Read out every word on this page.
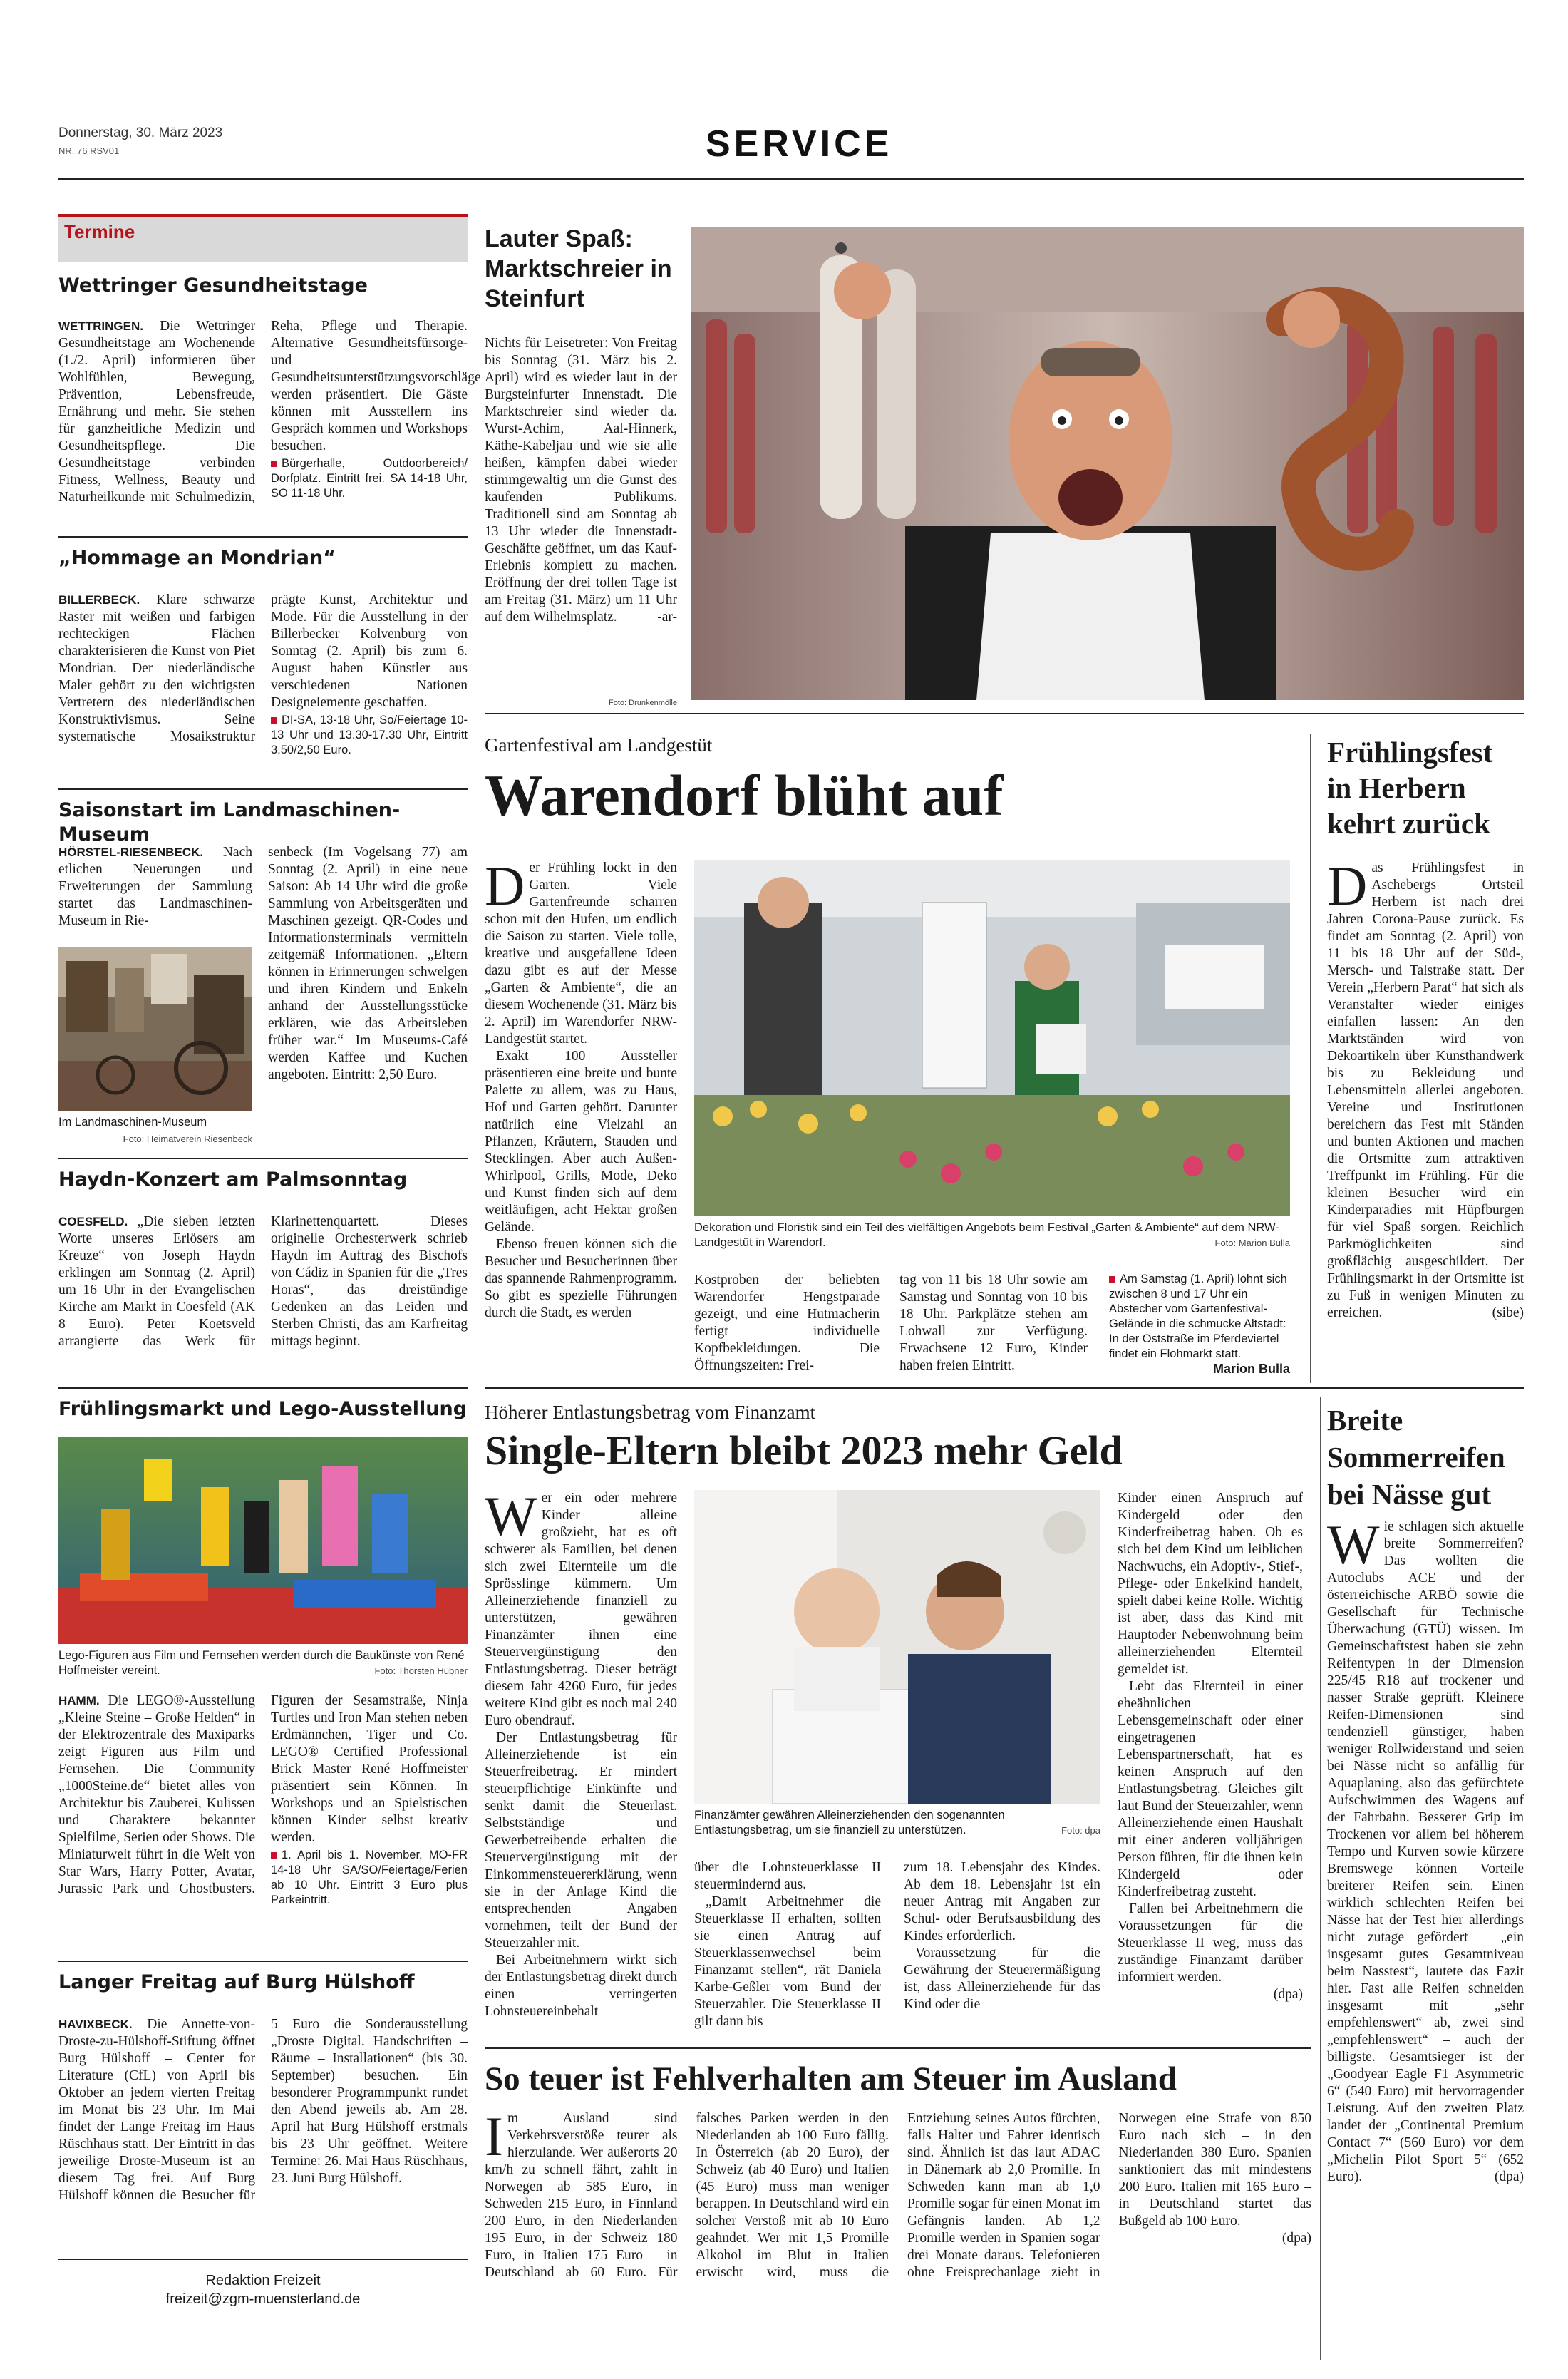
Donnerstag, 30. März 2023
NR. 76 RSV01	SERVICE
Termine
Wettringer Gesundheitstage
WETTRINGEN. Die Wettringer Gesundheitstage am Wochenende (1./2. April) informieren über Wohlfühlen, Bewegung, Prävention, Lebensfreude, Ernährung und mehr. Sie stehen für ganzheitliche Medizin und Gesundheitspflege. Die Gesundheitstage verbinden Fitness, Wellness, Beauty und Naturheilkunde mit Schulmedizin, Reha, Pflege und Therapie. Alternative Gesundheitsfürsorge- und Gesundheitsunterstützungsvorschläge werden präsentiert. Die Gäste können mit Ausstellern ins Gespräch kommen und Workshops besuchen.
Bürgerhalle, Outdoorbereich/ Dorfplatz. Eintritt frei. SA 14-18 Uhr, SO 11-18 Uhr.
„Hommage an Mondrian“
BILLERBECK. Klare schwarze Raster mit weißen und farbigen rechteckigen Flächen charakterisieren die Kunst von Piet Mondrian. Der niederländische Maler gehört zu den wichtigsten Vertretern des niederländischen Konstruktivismus. Seine systematische Mosaikstruktur prägte Kunst, Architektur und Mode. Für die Ausstellung in der Billerbecker Kolvenburg von Sonntag (2. April) bis zum 6. August haben Künstler aus verschiedenen Nationen Designelemente geschaffen.
DI-SA, 13-18 Uhr, So/Feiertage 10-13 Uhr und 13.30-17.30 Uhr, Eintritt 3,50/2,50 Euro.
Saisonstart im Landmaschinen-Museum
HÖRSTEL-RIESENBECK. Nach etlichen Neuerungen und Erweiterungen der Sammlung startet das Landmaschinen-Museum in Rie-
Im Landmaschinen-Museum
Foto: Heimatverein Riesenbeck
senbeck (Im Vogelsang 77) am Sonntag (2. April) in eine neue Saison: Ab 14 Uhr wird die große Sammlung von Arbeitsgeräten und Maschinen gezeigt. QR-Codes und Informationsterminals vermitteln zeitgemäß Informationen. „Eltern können in Erinnerungen schwelgen und ihren Kindern und Enkeln anhand der Ausstellungsstücke erklären, wie das Arbeitsleben früher war.“ Im Museums-Café werden Kaffee und Kuchen angeboten. Eintritt: 2,50 Euro.
Haydn-Konzert am Palmsonntag
COESFELD. „Die sieben letzten Worte unseres Erlösers am Kreuze“ von Joseph Haydn erklingen am Sonntag (2. April) um 16 Uhr in der Evangelischen Kirche am Markt in Coesfeld (AK 8 Euro). Peter Koetsveld arrangierte das Werk für Klarinettenquartett. Dieses originelle Orchesterwerk schrieb Haydn im Auftrag des Bischofs von Cádiz in Spanien für die „Tres Horas“, das dreistündige Gedenken an das Leiden und Sterben Christi, das am Karfreitag mittags beginnt.
Frühlingsmarkt und Lego-Ausstellung
Lego-Figuren aus Film und Fernsehen werden durch die Baukünste von René Hoffmeister vereint.	Foto: Thorsten Hübner
HAMM. Die LEGO®-Ausstellung „Kleine Steine – Große Helden“ in der Elektrozentrale des Maxiparks zeigt Figuren aus Film und Fernsehen. Die Community „1000Steine.de“ bietet alles von Architektur bis Zauberei, Kulissen und Charaktere bekannter Spielfilme, Serien oder Shows. Die Miniaturwelt führt in die Welt von Star Wars, Harry Potter, Avatar, Jurassic Park und Ghostbusters. Figuren der Sesamstraße, Ninja Turtles und Iron Man stehen neben Erdmännchen, Tiger und Co. LEGO® Certified Professional Brick Master René Hoffmeister präsentiert sein Können. In Workshops und an Spielstischen können Kinder selbst kreativ werden.
1. April bis 1. November, MO-FR 14-18 Uhr SA/SO/Feiertage/Ferien ab 10 Uhr. Eintritt 3 Euro plus Parkeintritt.
Langer Freitag auf Burg Hülshoff
HAVIXBECK. Die Annette-von-Droste-zu-Hülshoff-Stiftung öffnet Burg Hülshoff – Center for Literature (CfL) von April bis Oktober an jedem vierten Freitag im Monat bis 23 Uhr. Im Mai findet der Lange Freitag im Haus Rüschhaus statt. Der Eintritt in das jeweilige Droste-Museum ist an diesem Tag frei. Auf Burg Hülshoff können die Besucher für 5 Euro die Sonderausstellung „Droste Digital. Handschriften – Räume – Installationen“ (bis 30. September) besuchen. Ein besonderer Programmpunkt rundet den Abend jeweils ab. Am 28. April hat Burg Hülshoff erstmals bis 23 Uhr geöffnet. Weitere Termine: 26. Mai Haus Rüschhaus, 23. Juni Burg Hülshoff.
Redaktion Freizeit
freizeit@zgm-muensterland.de
Lauter Spaß: Marktschreier in Steinfurt
Nichts für Leisetreter: Von Freitag bis Sonntag (31. März bis 2. April) wird es wieder laut in der Burgsteinfurter Innenstadt. Die Marktschreier sind wieder da. Wurst-Achim, Aal-Hinnerk, Käthe-Kabeljau und wie sie alle heißen, kämpfen dabei wieder stimmgewaltig um die Gunst des kaufenden Publikums. Traditionell sind am Sonntag ab 13 Uhr wieder die Innenstadt-Geschäfte geöffnet, um das Kauf-Erlebnis komplett zu machen. Eröffnung der drei tollen Tage ist am Freitag (31. März) um 11 Uhr auf dem Wilhelmsplatz.	-ar-
Foto: Drunkenmölle
Gartenfestival am Landgestüt
Warendorf blüht auf
Der Frühling lockt in den Garten. Viele Gartenfreunde scharren schon mit den Hufen, um endlich die Saison zu starten. Viele tolle, kreative und ausgefallene Ideen dazu gibt es auf der Messe „Garten & Ambiente“, die an diesem Wochenende (31. März bis 2. April) im Warendorfer NRW-Landgestüt startet.

Exakt 100 Aussteller präsentieren eine breite und bunte Palette zu allem, was zu Haus, Hof und Garten gehört. Darunter natürlich eine Vielzahl an Pflanzen, Kräutern, Stauden und Stecklingen. Aber auch Außen-Whirlpool, Grills, Mode, Deko und Kunst finden sich auf dem weitläufigen, acht Hektar großen Gelände.

Ebenso freuen können sich die Besucher und Besucherinnen über das spannende Rahmenprogramm. So gibt es spezielle Führungen durch die Stadt, es werden

Dekoration und Floristik sind ein Teil des vielfältigen Angebots beim Festival „Garten & Ambiente“ auf dem NRW-Landgestüt in Warendorf.	Foto: Marion Bulla
Kostproben der beliebten Warendorfer Hengstparade gezeigt, und eine Hutmacherin fertigt individuelle Kopfbekleidungen. Die Öffnungszeiten: Frei-
tag von 11 bis 18 Uhr sowie am Samstag und Sonntag von 10 bis 18 Uhr. Parkplätze stehen am Lohwall zur Verfügung. Erwachsene 12 Euro, Kinder haben freien Eintritt.
Am Samstag (1. April) lohnt sich zwischen 8 und 17 Uhr ein Abstecher vom Gartenfestival-Gelände in die schmucke Altstadt: In der Oststraße im Pferdeviertel findet ein Flohmarkt statt.
Marion Bulla
Frühlingsfest in Herbern kehrt zurück
Das Frühlingsfest in Aschebergs Ortsteil Herbern ist nach drei Jahren Corona-Pause zurück. Es findet am Sonntag (2. April) von 11 bis 18 Uhr auf der Süd-, Mersch- und Talstraße statt. Der Verein „Herbern Parat“ hat sich als Veranstalter wieder einiges einfallen lassen: An den Marktständen wird von Dekoartikeln über Kunsthandwerk bis zu Bekleidung und Lebensmitteln allerlei angeboten. Vereine und Institutionen bereichern das Fest mit Ständen und bunten Aktionen und machen die Ortsmitte zum attraktiven Treffpunkt im Frühling. Für die kleinen Besucher wird ein Kinderparadies mit Hüpfburgen für viel Spaß sorgen. Reichlich Parkmöglichkeiten sind großflächig ausgeschildert. Der Frühlingsmarkt in der Ortsmitte ist zu Fuß in wenigen Minuten zu erreichen.	(sibe)
Höherer Entlastungsbetrag vom Finanzamt
Single-Eltern bleibt 2023 mehr Geld
Wer ein oder mehrere Kinder alleine großzieht, hat es oft schwerer als Familien, bei denen sich zwei Elternteile um die Sprösslinge kümmern. Um Alleinerziehende finanziell zu unterstützen, gewähren Finanzämter ihnen eine Steuervergünstigung – den Entlastungsbetrag. Dieser beträgt diesem Jahr 4260 Euro, für jedes weitere Kind gibt es noch mal 240 Euro obendrauf.

Der Entlastungsbetrag für Alleinerziehende ist ein Steuerfreibetrag. Er mindert steuerpflichtige Einkünfte und senkt damit die Steuerlast. Selbstständige und Gewerbetreibende erhalten die Steuervergünstigung mit der Einkommensteuererklärung, wenn sie in der Anlage Kind die entsprechenden Angaben vornehmen, teilt der Bund der Steuerzahler mit.

Bei Arbeitnehmern wirkt sich der Entlastungsbetrag direkt durch einen verringerten Lohnsteuereinbehalt

Finanzämter gewähren Alleinerziehenden den sogenannten Entlastungsbetrag, um sie finanziell zu unterstützen.	Foto: dpa
über die Lohnsteuerklasse II steuermindernd aus.

„Damit Arbeitnehmer die Steuerklasse II erhalten, sollten sie einen Antrag auf Steuerklassenwechsel beim Finanzamt stellen“, rät Daniela Karbe-Geßler vom Bund der Steuerzahler. Die Steuerklasse II gilt dann bis

zum 18. Lebensjahr des Kindes. Ab dem 18. Lebensjahr ist ein neuer Antrag mit Angaben zur Schul- oder Berufsausbildung des Kindes erforderlich.

Voraussetzung für die Gewährung der Steuerermäßigung ist, dass Alleinerziehende für das Kind oder die

Kinder einen Anspruch auf Kindergeld oder den Kinderfreibetrag haben. Ob es sich bei dem Kind um leiblichen Nachwuchs, ein Adoptiv-, Stief-, Pflege- oder Enkelkind handelt, spielt dabei keine Rolle. Wichtig ist aber, dass das Kind mit Hauptoder Nebenwohnung beim alleinerziehenden Elternteil gemeldet ist.

Lebt das Elternteil in einer eheähnlichen Lebensgemeinschaft oder einer eingetragenen Lebenspartnerschaft, hat es keinen Anspruch auf den Entlastungsbetrag. Gleiches gilt laut Bund der Steuerzahler, wenn Alleinerziehende einen Haushalt mit einer anderen volljährigen Person führen, für die ihnen kein Kindergeld oder Kinderfreibetrag zusteht.

Fallen bei Arbeitnehmern die Voraussetzungen für die Steuerklasse II weg, muss das zuständige Finanzamt darüber informiert werden.

(dpa)
So teuer ist Fehlverhalten am Steuer im Ausland
Im Ausland sind Verkehrsverstöße teurer als hierzulande. Wer außerorts 20 km/h zu schnell fährt, zahlt in Norwegen ab 585 Euro, in Schweden 215 Euro, in Finnland 200 Euro, in den Niederlanden 195 Euro, in der Schweiz 180 Euro, in Italien 175 Euro – in Deutschland ab 60 Euro. Für falsches Parken werden in den Niederlanden ab 100 Euro fällig. In Österreich (ab 20 Euro), der Schweiz (ab 40 Euro) und Italien (45 Euro) muss man weniger berappen. In Deutschland wird ein solcher Verstoß mit ab 10 Euro geahndet. Wer mit 1,5 Promille Alkohol im Blut in Italien erwischt wird, muss die Entziehung seines Autos fürchten, falls Halter und Fahrer identisch sind. Ähnlich ist das laut ADAC in Dänemark ab 2,0 Promille. In Schweden kann man ab 1,0 Promille sogar für einen Monat im Gefängnis landen. Ab 1,2 Promille werden in Spanien sogar drei Monate daraus. Telefonieren ohne Freisprechanlage zieht in Norwegen eine Strafe von 850 Euro nach sich – in den Niederlanden 380 Euro. Spanien sanktioniert das mit mindestens 200 Euro. Italien mit 165 Euro – in Deutschland startet das Bußgeld ab 100 Euro.
(dpa)
Breite Sommerreifen bei Nässe gut
Wie schlagen sich aktuelle breite Sommerreifen? Das wollten die Autoclubs ACE und der österreichische ARBÖ sowie die Gesellschaft für Technische Überwachung (GTÜ) wissen. Im Gemeinschaftstest haben sie zehn Reifentypen in der Dimension 225/45 R18 auf trockener und nasser Straße geprüft. Kleinere Reifen-Dimensionen sind tendenziell günstiger, haben weniger Rollwiderstand und seien bei Nässe nicht so anfällig für Aquaplaning, also das gefürchtete Aufschwimmen des Wagens auf der Fahrbahn. Besserer Grip im Trockenen vor allem bei höherem Tempo und Kurven sowie kürzere Bremswege können Vorteile breiterer Reifen sein. Einen wirklich schlechten Reifen bei Nässe hat der Test hier allerdings nicht zutage gefördert – „ein insgesamt gutes Gesamtniveau beim Nasstest“, lautete das Fazit hier. Fast alle Reifen schneiden insgesamt mit „sehr empfehlenswert“ ab, zwei sind „empfehlenswert“ – auch der billigste. Gesamtsieger ist der „Goodyear Eagle F1 Asymmetric 6“ (540 Euro) mit hervorragender Leistung. Auf den zweiten Platz landet der „Continental Premium Contact 7“ (560 Euro) vor dem „Michelin Pilot Sport 5“ (652 Euro).	(dpa)
